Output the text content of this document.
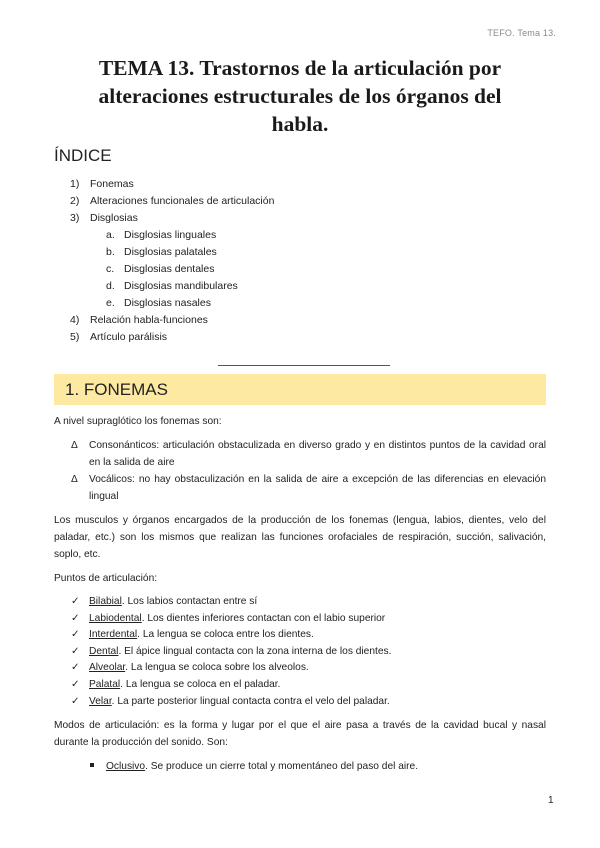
TEFO. Tema 13.
TEMA 13. Trastornos de la articulación por
alteraciones estructurales de los órganos del
habla.
ÍNDICE
1)	Fonemas
2)	Alteraciones funcionales de articulación
3)	Disglosias
a. Disglosias linguales
b. Disglosias palatales
c. Disglosias dentales
d. Disglosias mandibulares
e. Disglosias nasales
4)	Relación habla-funciones
5)	Artículo parálisis
1. FONEMAS
A nivel supraglótico los fonemas son:
Δ	Consonánticos: articulación obstaculizada en diverso grado y en distintos puntos de la cavidad oral en la salida de aire
Δ	Vocálicos: no hay obstaculización en la salida de aire a excepción de las diferencias en elevación lingual
Los musculos y órganos encargados de la producción de los fonemas (lengua, labios, dientes, velo del paladar, etc.) son los mismos que realizan las funciones orofaciales de respiración, succión, salivación, soplo, etc.
Puntos de articulación:
✓ Bilabial. Los labios contactan entre sí
✓ Labiodental. Los dientes inferiores contactan con el labio superior
✓ Interdental. La lengua se coloca entre los dientes.
✓ Dental. El ápice lingual contacta con la zona interna de los dientes.
✓ Alveolar. La lengua se coloca sobre los alveolos.
✓ Palatal. La lengua se coloca en el paladar.
✓ Velar. La parte posterior lingual contacta contra el velo del paladar.
Modos de articulación: es la forma y lugar por el que el aire pasa a través de la cavidad bucal y nasal durante la producción del sonido. Son:
Oclusivo. Se produce un cierre total y momentáneo del paso del aire.
1
